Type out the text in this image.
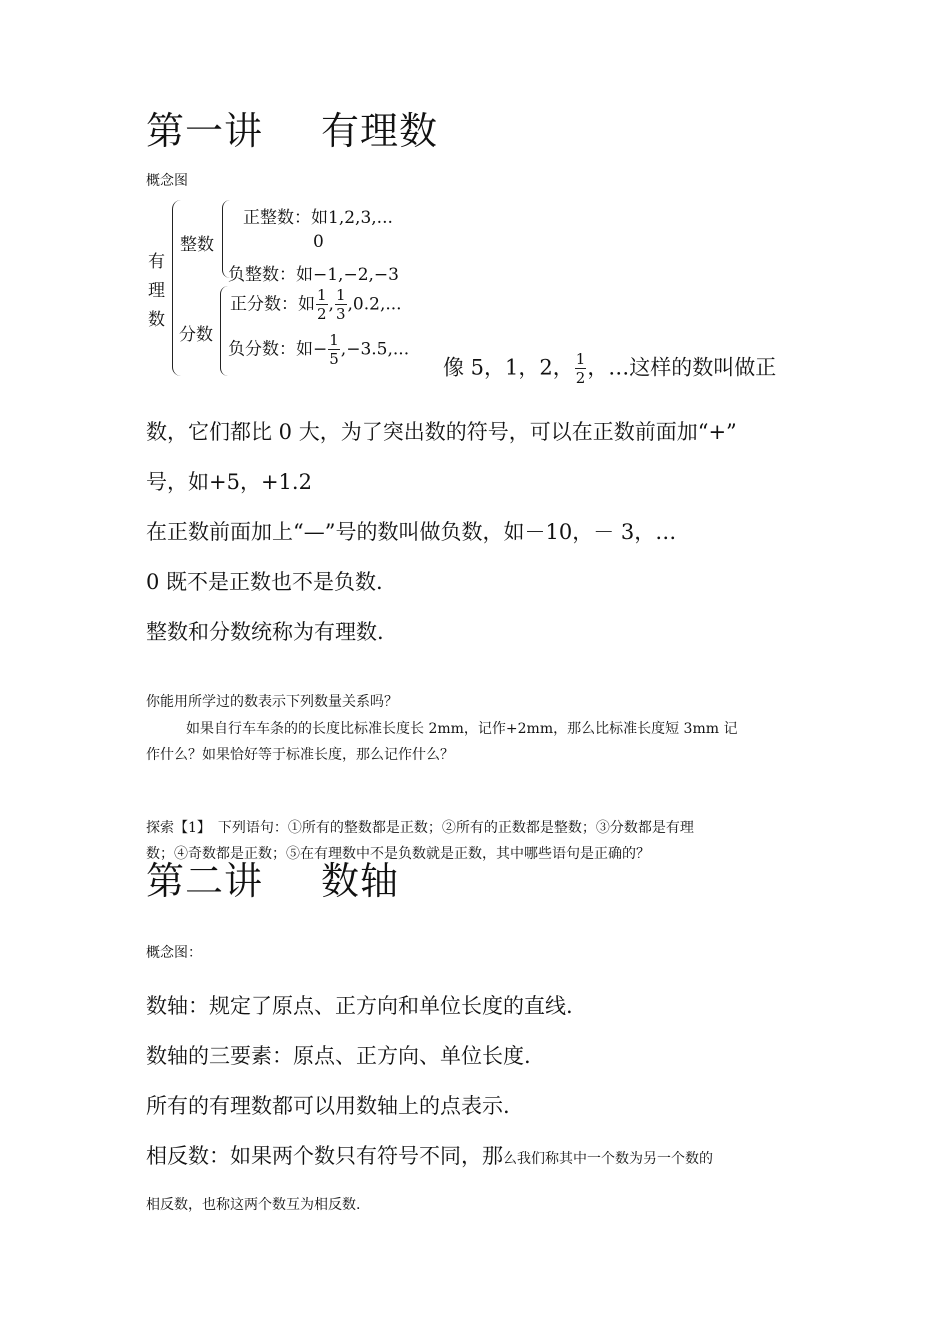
第一讲 有理数
概念图
有
理
数
整数
正整数：如1,2,3,...
0
负整数：如−1,−2,−3
分数
正分数：如 $\frac{1}{2}$ , $\frac{1}{3} ,0.2$,...
负分数：如− $\frac{1}{5} ,-3.5$,...
像 5，1，2， $\frac{1}{2}$ ，…这样的数叫做正
数，它们都比 0 大，为了突出数的符号，可以在正数前面加“+”
号，如+5，+1.2
在正数前面加上“—”号的数叫做负数，如－10，－ 3，…
0 既不是正数也不是负数.
整数和分数统称为有理数.
你能用所学过的数表示下列数量关系吗？
如果自行车车条的的长度比标准长度长 2mm，记作+2mm，那么比标准长度短 3mm 记
作什么？如果恰好等于标准长度，那么记作什么？
探索【1】　下列语句：①所有的整数都是正数；②所有的正数都是整数；③分数都是有理
数；④奇数都是正数；⑤在有理数中不是负数就是正数，其中哪些语句是正确的？
第二讲 数轴
概念图：
数轴：规定了原点、正方向和单位长度的直线.
数轴的三要素：原点、正方向、单位长度.
所有的有理数都可以用数轴上的点表示.
相反数：如果两个数只有符号不同，那么我们称其中一个数为另一个数的
相反数，也称这两个数互为相反数.
